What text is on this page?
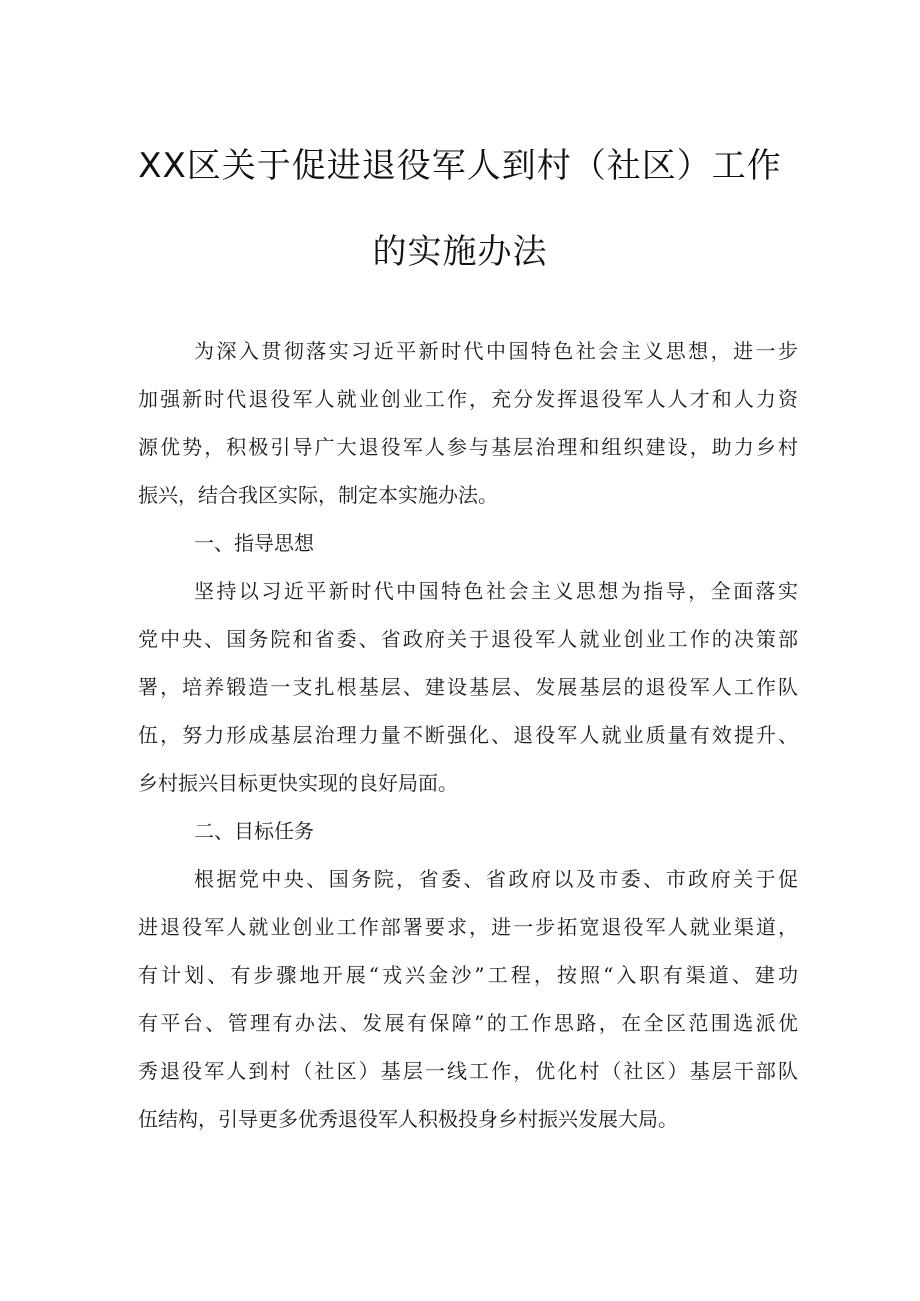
XX区关于促进退役军人到村（社区）工作
的实施办法
为深入贯彻落实习近平新时代中国特色社会主义思想，进一步
加强新时代退役军人就业创业工作，充分发挥退役军人人才和人力资
源优势，积极引导广大退役军人参与基层治理和组织建设，助力乡村
振兴，结合我区实际，制定本实施办法。
一、指导思想
坚持以习近平新时代中国特色社会主义思想为指导，全面落实
党中央、国务院和省委、省政府关于退役军人就业创业工作的决策部
署，培养锻造一支扎根基层、建设基层、发展基层的退役军人工作队
伍，努力形成基层治理力量不断强化、退役军人就业质量有效提升、
乡村振兴目标更快实现的良好局面。
二、目标任务
根据党中央、国务院，省委、省政府以及市委、市政府关于促
进退役军人就业创业工作部署要求，进一步拓宽退役军人就业渠道，
有计划、有步骤地开展“戎兴金沙”工程，按照“入职有渠道、建功
有平台、管理有办法、发展有保障”的工作思路，在全区范围选派优
秀退役军人到村（社区）基层一线工作，优化村（社区）基层干部队
伍结构，引导更多优秀退役军人积极投身乡村振兴发展大局。
